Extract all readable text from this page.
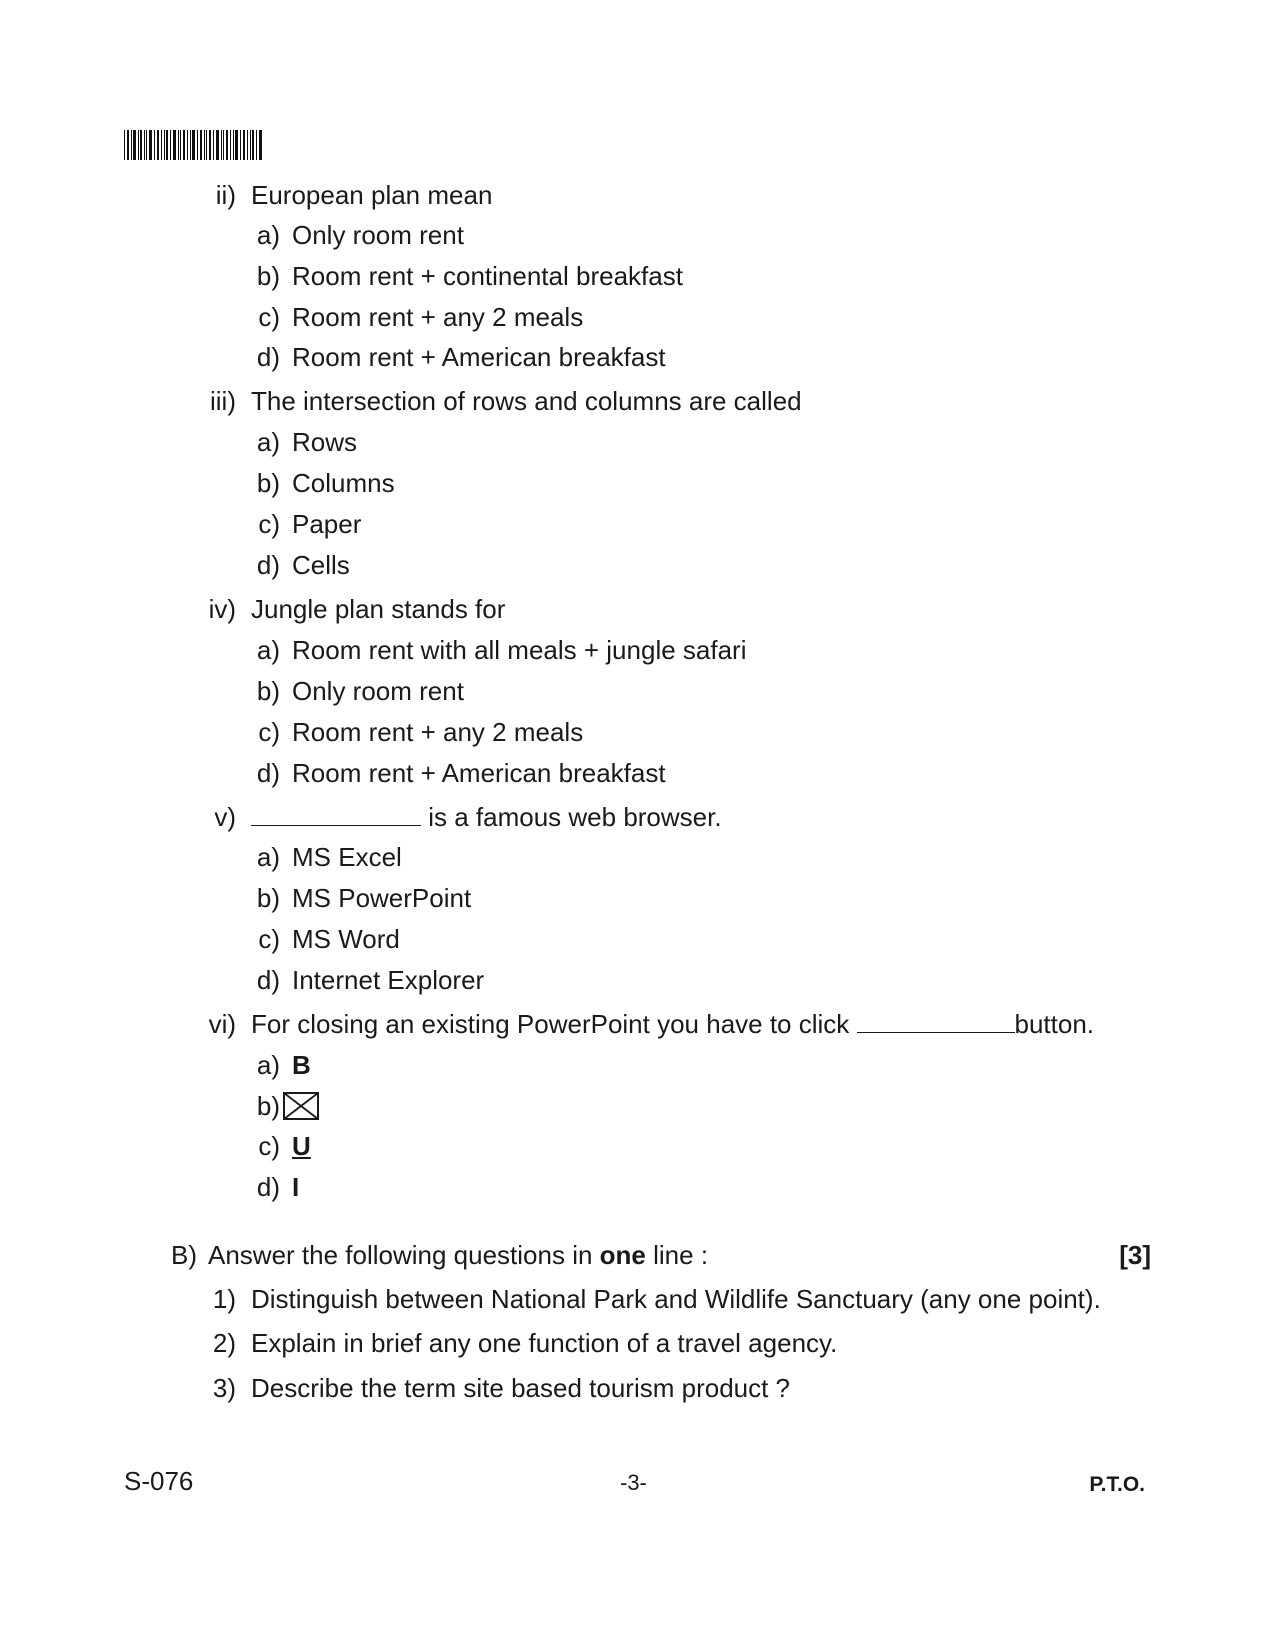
ii) European plan mean
a) Only room rent
b) Room rent + continental breakfast
c) Room rent + any 2 meals
d) Room rent + American breakfast
iii) The intersection of rows and columns are called
a) Rows
b) Columns
c) Paper
d) Cells
iv) Jungle plan stands for
a) Room rent with all meals + jungle safari
b) Only room rent
c) Room rent + any 2 meals
d) Room rent + American breakfast
v)	is a famous web browser.
a) MS Excel
b) MS PowerPoint
c) MS Word
d) Internet Explorer
vi) For closing an existing PowerPoint you have to click	button.
a) B
b)
c) U
d) I
B) Answer the following questions in one line :	[3]
1) Distinguish between National Park and Wildlife Sanctuary (any one point).
2) Explain in brief any one function of a travel agency.
3) Describe the term site based tourism product ?
S-076	-3-	P.T.O.
